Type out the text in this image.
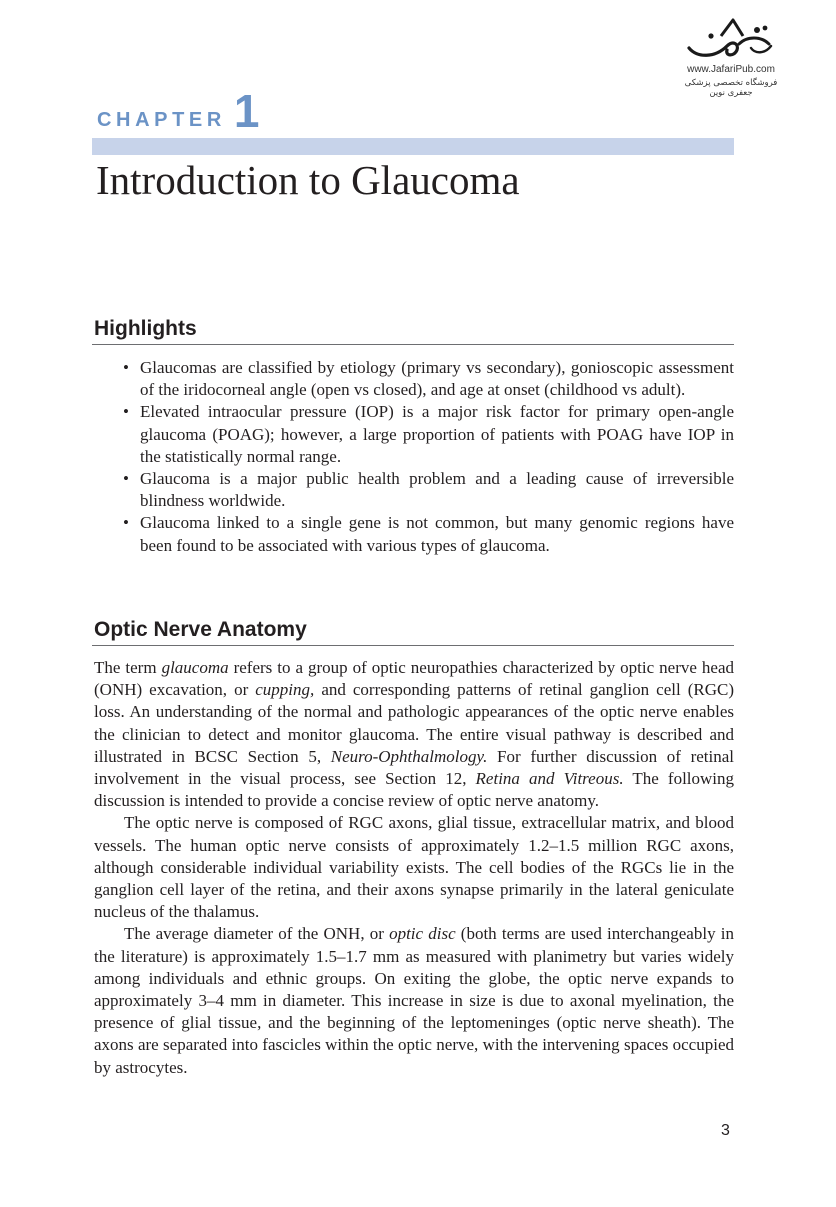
www.JafariPub.com
فروشگاه تخصصی پزشکی جعفری نوین
CHAPTER 1
Introduction to Glaucoma
Highlights
• Glaucomas are classified by etiology (primary vs secondary), gonioscopic assessment of the iridocorneal angle (open vs closed), and age at onset (childhood vs adult).
• Elevated intraocular pressure (IOP) is a major risk factor for primary open-angle glaucoma (POAG); however, a large proportion of patients with POAG have IOP in the statistically normal range.
• Glaucoma is a major public health problem and a leading cause of irreversible blindness worldwide.
• Glaucoma linked to a single gene is not common, but many genomic regions have been found to be associated with various types of glaucoma.
Optic Nerve Anatomy

The term glaucoma refers to a group of optic neuropathies characterized by optic nerve head (ONH) excavation, or cupping, and corresponding patterns of retinal ganglion cell (RGC) loss. An understanding of the normal and pathologic appearances of the optic nerve enables the clinician to detect and monitor glaucoma. The entire visual pathway is described and illustrated in BCSC Section 5, Neuro-Ophthalmology. For further discussion of retinal involvement in the visual process, see Section 12, Retina and Vitreous. The following discussion is intended to provide a concise review of optic nerve anatomy.

The optic nerve is composed of RGC axons, glial tissue, extracellular matrix, and blood vessels. The human optic nerve consists of approximately 1.2–1.5 million RGC axons, although considerable individual variability exists. The cell bodies of the RGCs lie in the ganglion cell layer of the retina, and their axons synapse primarily in the lateral geniculate nucleus of the thalamus.

The average diameter of the ONH, or optic disc (both terms are used interchangeably in the literature) is approximately 1.5–1.7 mm as measured with planimetry but varies widely among individuals and ethnic groups. On exiting the globe, the optic nerve expands to approximately 3–4 mm in diameter. This increase in size is due to axonal myelination, the presence of glial tissue, and the beginning of the leptomeninges (optic nerve sheath). The axons are separated into fascicles within the optic nerve, with the intervening spaces occupied by astrocytes.

3
